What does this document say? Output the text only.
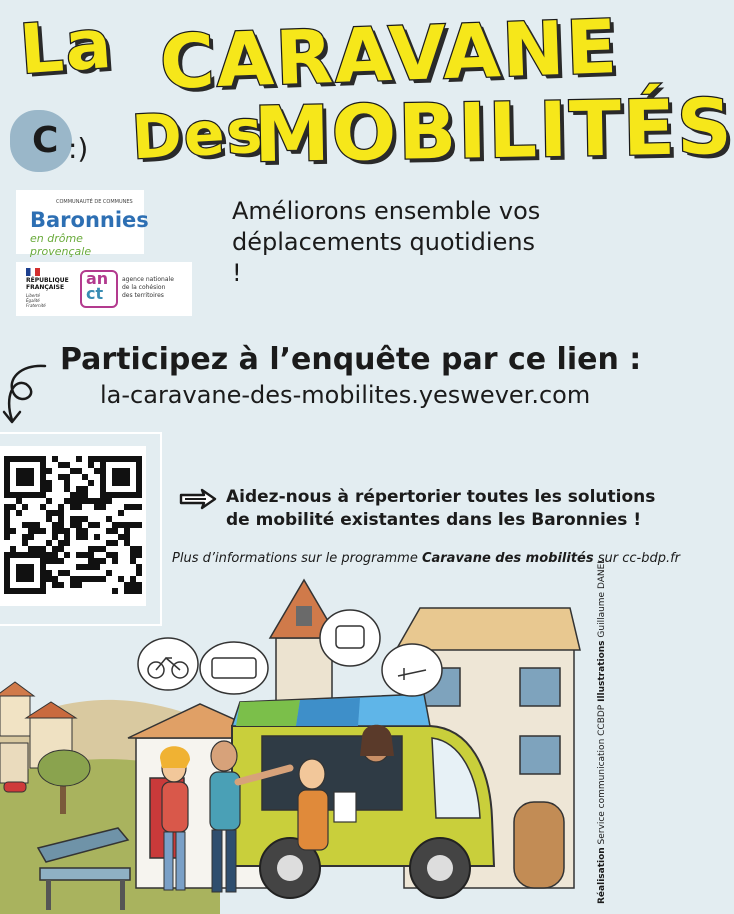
La CARAVANE
C :) Des
MOBILITÉS
COMMUNAUTÉ DE COMMUNES
Baronnies
en drôme provençale
RÉPUBLIQUE
FRANÇAISE
Liberté
Égalité
Fraternité
an
ct
agence nationale
de la cohésion
des territoires
Améliorons ensemble vos
déplacements quotidiens !
Participez à l’enquête par ce lien :
la-caravane-des-mobilites.yeswever.com
Aidez-nous à répertorier toutes les solutions
de mobilité existantes dans les Baronnies !
Plus d’informations sur le programme Caravane des mobilités sur cc-bdp.fr
Réalisation Service communication CCBDP Illustrations Guillaume DANEL
